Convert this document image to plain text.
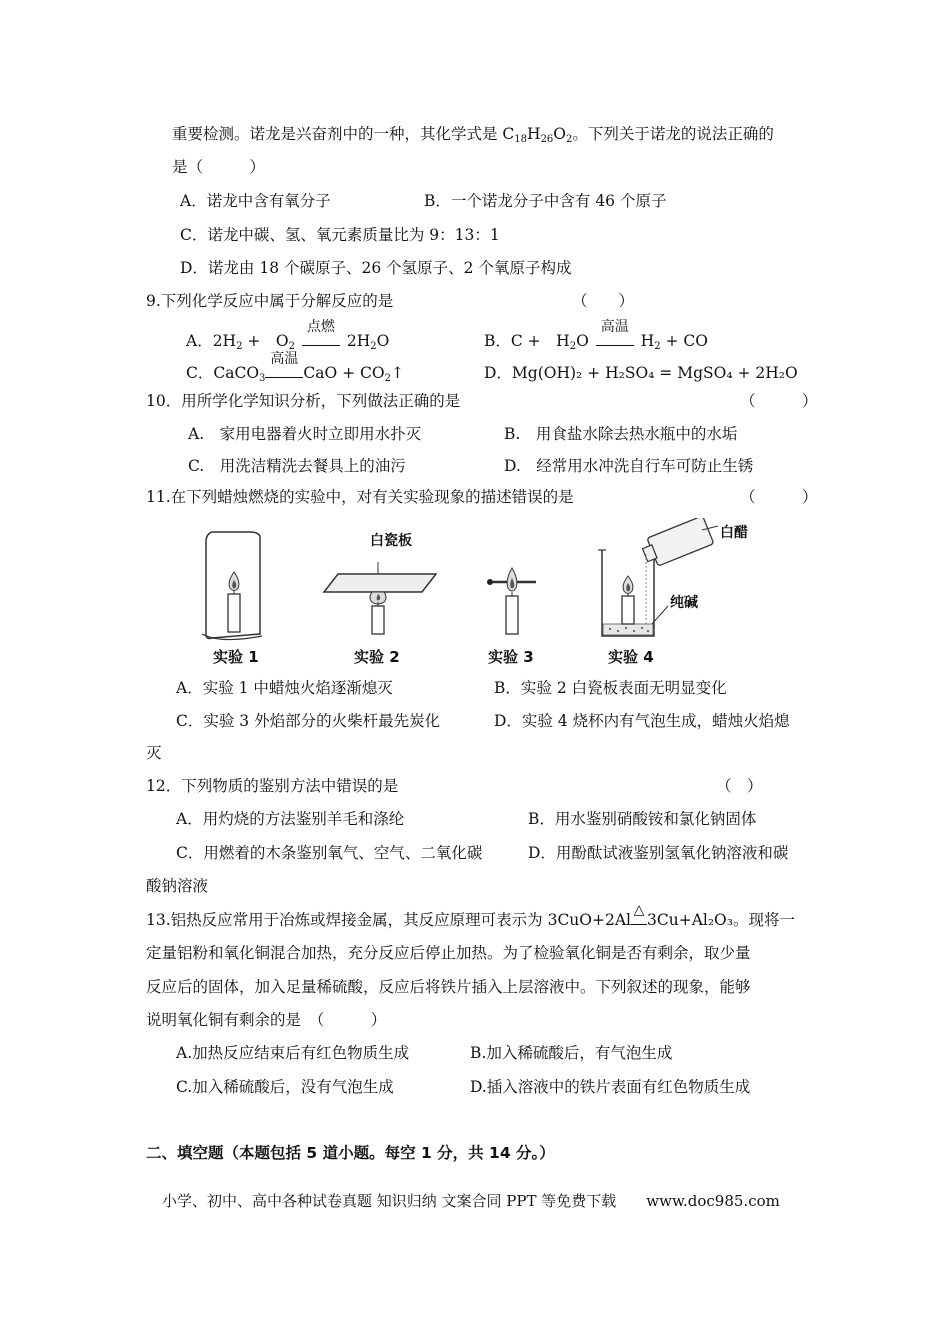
重要检测。诺龙是兴奋剂中的一种，其化学式是 $C_{18}H_{26}O_2$。下列关于诺龙的说法正确的
是（　　　）
A．诺龙中含有氧分子	B．一个诺龙分子中含有 46 个原子
C．诺龙中碳、氢、氧元素质量比为 9：13：1
D．诺龙由 18 个碳原子、26 个氢原子、2 个氧原子构成
9.下列化学反应中属于分解反应的是	（　　）
A．$2H_2$ +　$O_2$
点燃
$2H_2O$	B．C +　$H_2O$
高温
$H_2$ + CO
C．CaCO$_3$
高温
CaO + $CO_2↑$	D．Mg(OH)₂ + H₂SO₄ = MgSO₄ + 2H₂O
10．用所学化学知识分析，下列做法正确的是	（　　　）
A.　家用电器着火时立即用水扑灭	B.　用食盐水除去热水瓶中的水垢
C.　用洗洁精洗去餐具上的油污	D.　经常用水冲洗自行车可防止生锈
11.在下列蜡烛燃烧的实验中，对有关实验现象的描述错误的是	（　　　）
白瓷板	白醋
纯碱
实验 1	实验 2	实验 3	实验 4
A．实验 1 中蜡烛火焰逐渐熄灭	B．实验 2 白瓷板表面无明显变化
C．实验 3 外焰部分的火柴杆最先炭化	D．实验 4 烧杯内有气泡生成，蜡烛火焰熄
灭
12．下列物质的鉴别方法中错误的是	（　）
A．用灼烧的方法鉴别羊毛和涤纶	B．用水鉴别硝酸铵和氯化钠固体
C．用燃着的木条鉴别氧气、空气、二氧化碳	D．用酚酞试液鉴别氢氧化钠溶液和碳
酸钠溶液
13.铝热反应常用于冶炼或焊接金属，其反应原理可表示为 3CuO+2Al
△
3Cu+Al₂O₃。现将一
定量铝粉和氧化铜混合加热，充分反应后停止加热。为了检验氧化铜是否有剩余，取少量
反应后的固体，加入足量稀硫酸，反应后将铁片插入上层溶液中。下列叙述的现象，能够
说明氧化铜有剩余的是　（　　　）
A.加热反应结束后有红色物质生成	B.加入稀硫酸后，有气泡生成
C.加入稀硫酸后，没有气泡生成	D.插入溶液中的铁片表面有红色物质生成
二、填空题（本题包括 5 道小题。每空 1 分，共 14 分。）
小学、初中、高中各种试卷真题 知识归纳 文案合同 PPT 等免费下载　　www.doc985.com
